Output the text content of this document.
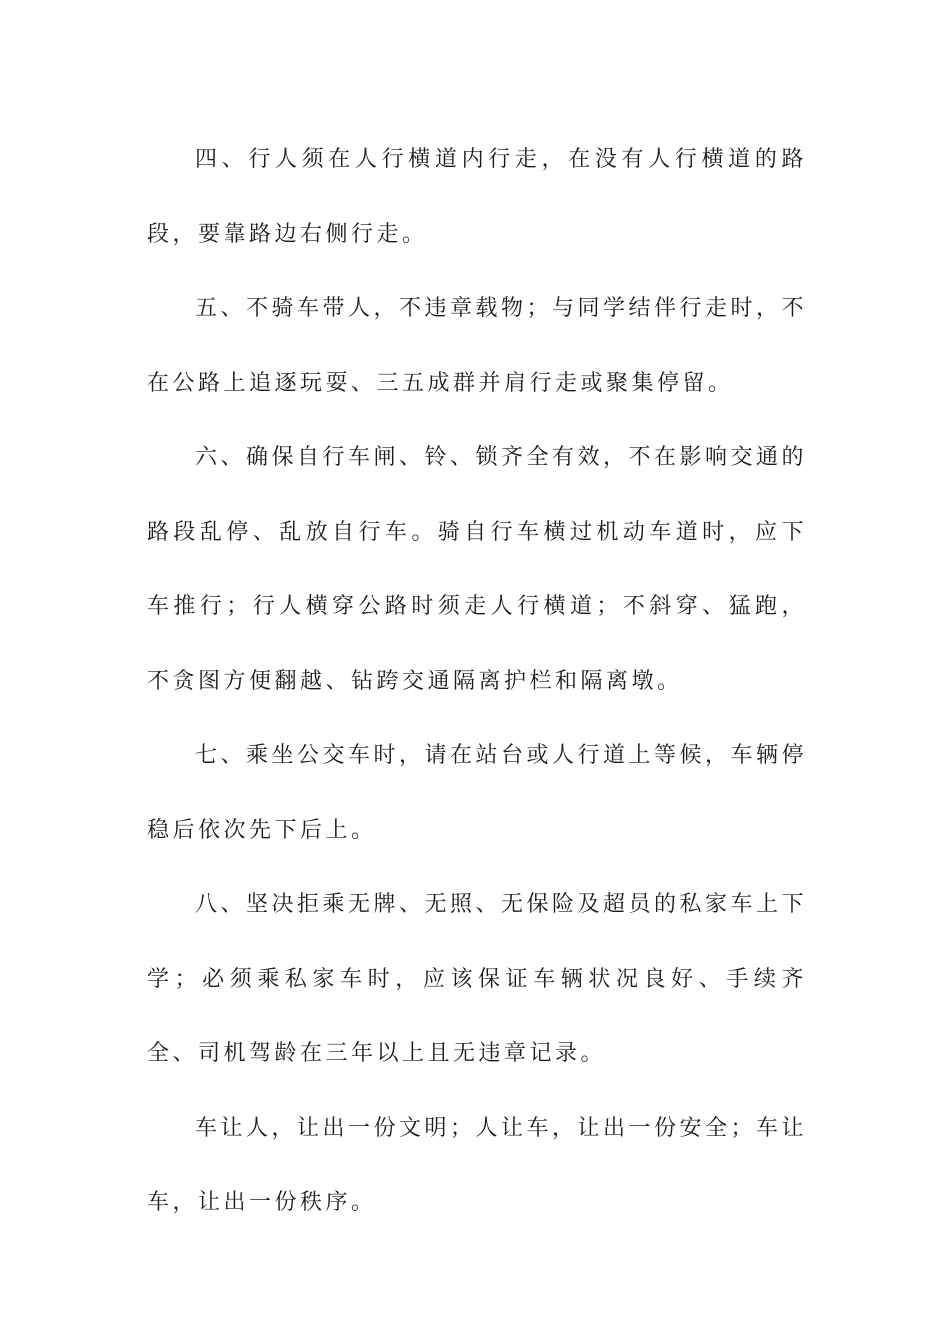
四、行人须在人行横道内行走，在没有人行横道的路段，要靠路边右侧行走。

五、不骑车带人，不违章载物；与同学结伴行走时，不在公路上追逐玩耍、三五成群并肩行走或聚集停留。

六、确保自行车闸、铃、锁齐全有效，不在影响交通的路段乱停、乱放自行车。骑自行车横过机动车道时，应下车推行；行人横穿公路时须走人行横道；不斜穿、猛跑，不贪图方便翻越、钻跨交通隔离护栏和隔离墩。

七、乘坐公交车时，请在站台或人行道上等候，车辆停稳后依次先下后上。

八、坚决拒乘无牌、无照、无保险及超员的私家车上下学；必须乘私家车时，应该保证车辆状况良好、手续齐全、司机驾龄在三年以上且无违章记录。

车让人，让出一份文明；人让车，让出一份安全；车让车，让出一份秩序。
